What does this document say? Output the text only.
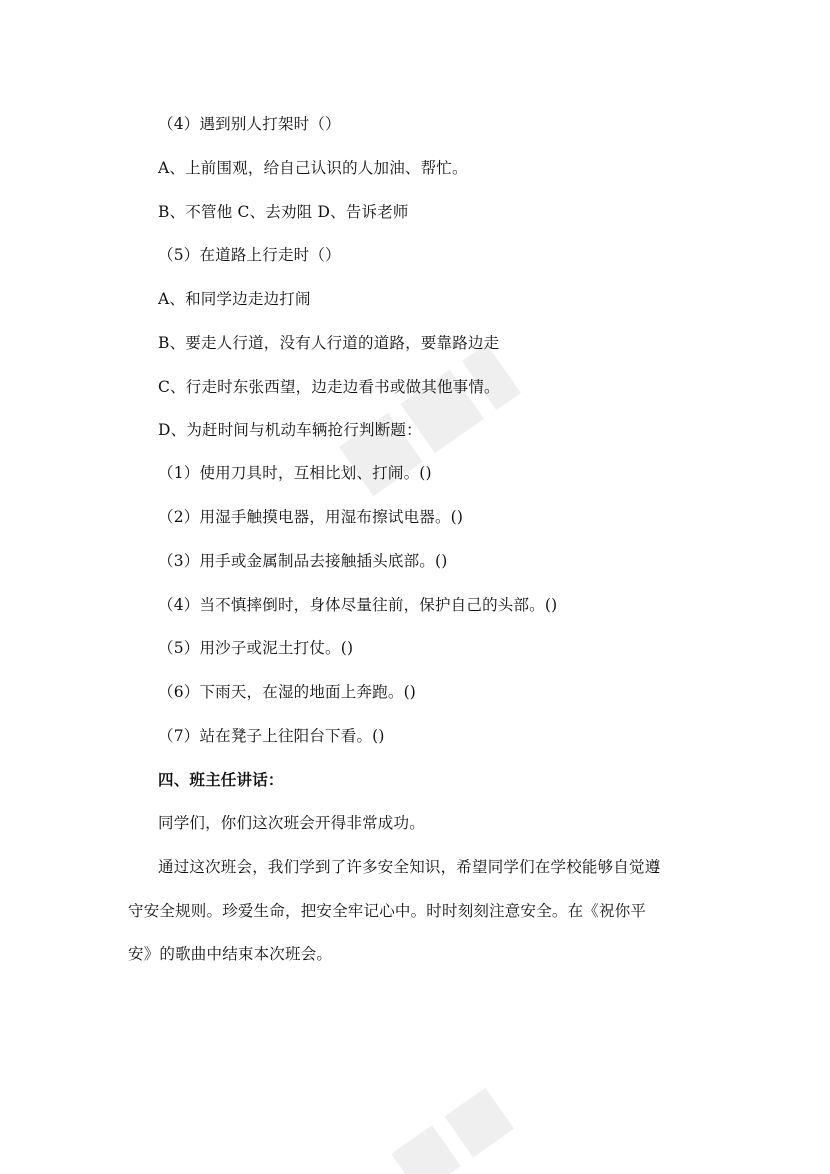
（4）遇到别人打架时（）
A、上前围观，给自己认识的人加油、帮忙。
B、不管他 C、去劝阻 D、告诉老师
（5）在道路上行走时（）
A、和同学边走边打闹
B、要走人行道，没有人行道的道路，要靠路边走
C、行走时东张西望，边走边看书或做其他事情。
D、为赶时间与机动车辆抢行判断题：
（1）使用刀具时，互相比划、打闹。()
（2）用湿手触摸电器，用湿布擦试电器。()
（3）用手或金属制品去接触插头底部。()
（4）当不慎摔倒时，身体尽量往前，保护自己的头部。()
（5）用沙子或泥土打仗。()
（6）下雨天，在湿的地面上奔跑。()
（7）站在凳子上往阳台下看。()
四、班主任讲话：
同学们，你们这次班会开得非常成功。
通过这次班会，我们学到了许多安全知识，希望同学们在学校能够自觉遵
守安全规则。珍爱生命，把安全牢记心中。时时刻刻注意安全。在《祝你平
安》的歌曲中结束本次班会。
